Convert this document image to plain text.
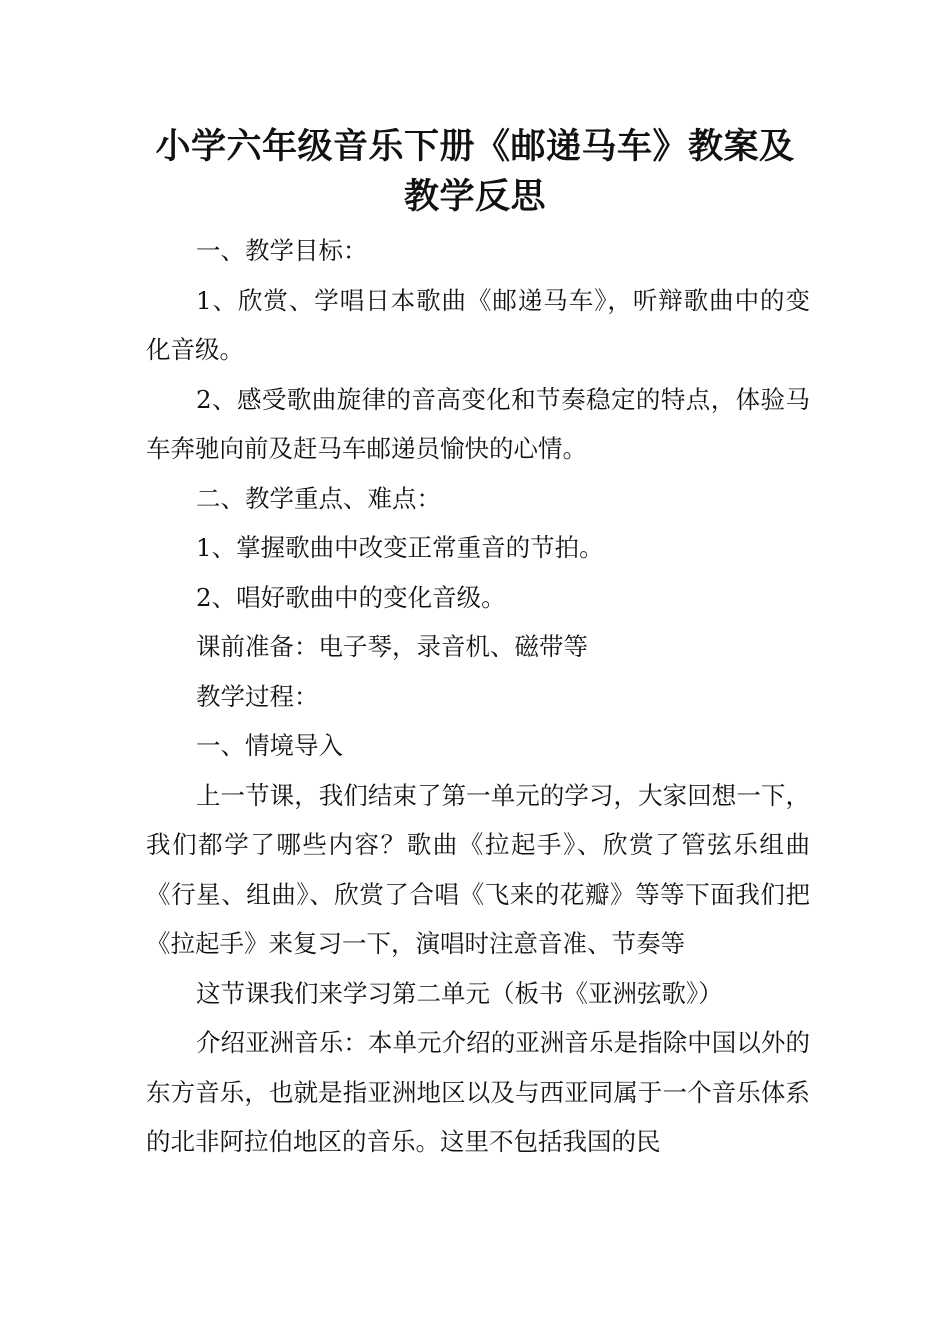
小学六年级音乐下册《邮递马车》教案及
教学反思

一、教学目标：

1、欣赏、学唱日本歌曲《邮递马车》，听辩歌曲中的变化音级。

2、感受歌曲旋律的音高变化和节奏稳定的特点，体验马车奔驰向前及赶马车邮递员愉快的心情。

二、教学重点、难点：

1、掌握歌曲中改变正常重音的节拍。

2、唱好歌曲中的变化音级。

课前准备：电子琴，录音机、磁带等

教学过程：

一、情境导入

上一节课，我们结束了第一单元的学习，大家回想一下，我们都学了哪些内容？歌曲《拉起手》、欣赏了管弦乐组曲《行星、组曲》、欣赏了合唱《飞来的花瓣》等等下面我们把《拉起手》来复习一下，演唱时注意音准、节奏等

这节课我们来学习第二单元（板书《亚洲弦歌》）

介绍亚洲音乐：本单元介绍的亚洲音乐是指除中国以外的东方音乐，也就是指亚洲地区以及与西亚同属于一个音乐体系的北非阿拉伯地区的音乐。这里不包括我国的民
